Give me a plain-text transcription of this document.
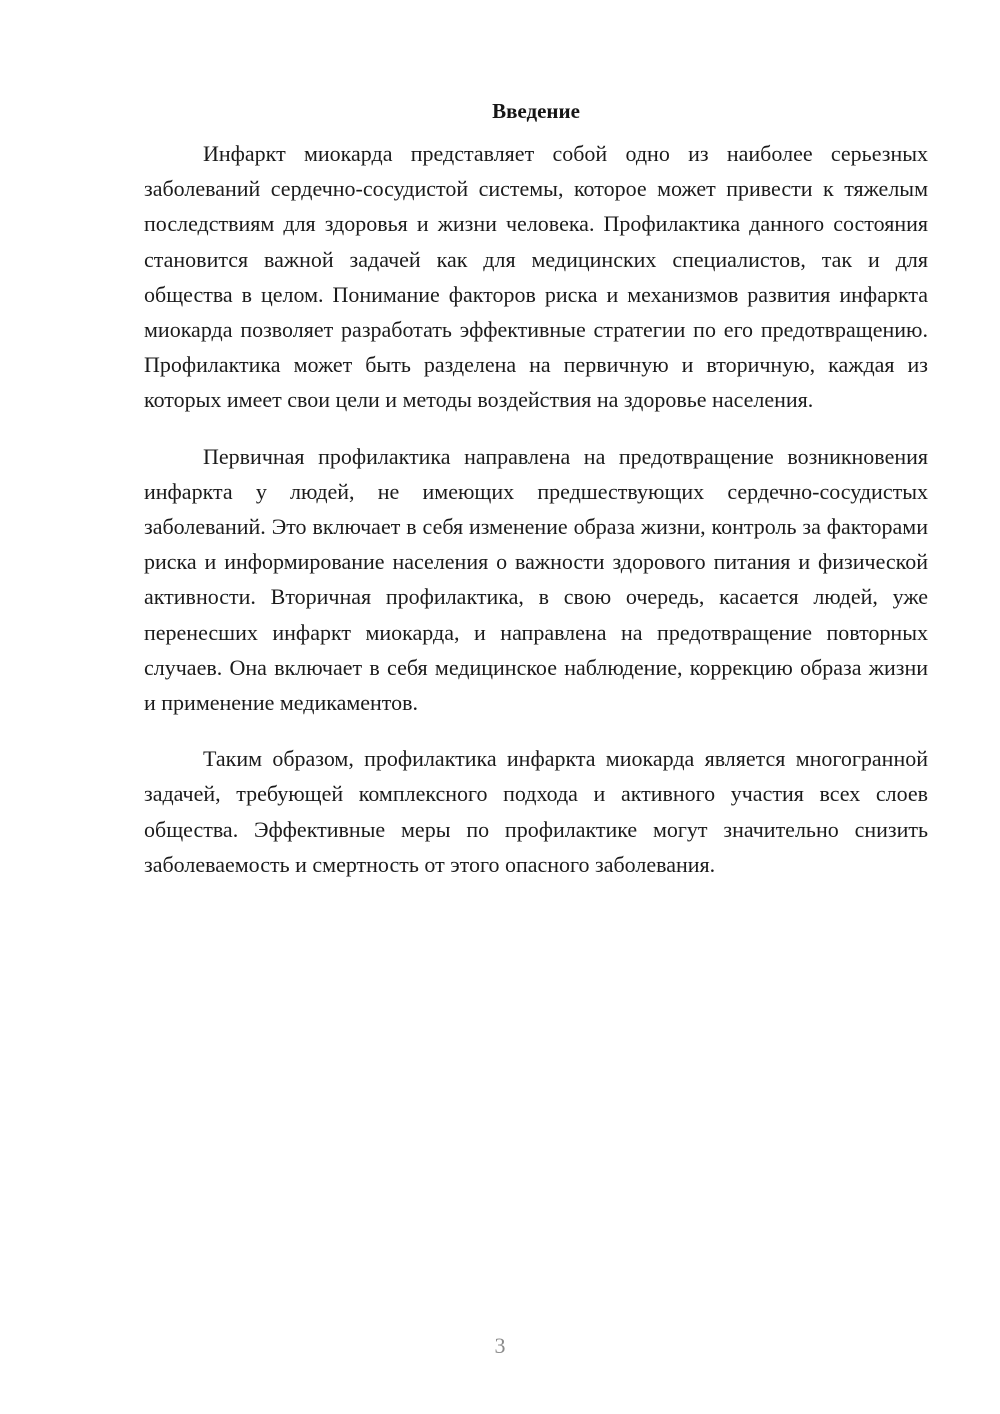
Введение

Инфаркт миокарда представляет собой одно из наиболее серьезных заболеваний сердечно-сосудистой системы, которое может привести к тяжелым последствиям для здоровья и жизни человека. Профилактика данного состояния становится важной задачей как для медицинских специалистов, так и для общества в целом. Понимание факторов риска и механизмов развития инфаркта миокарда позволяет разработать эффективные стратегии по его предотвращению. Профилактика может быть разделена на первичную и вторичную, каждая из которых имеет свои цели и методы воздействия на здоровье населения.

Первичная профилактика направлена на предотвращение возникновения инфаркта у людей, не имеющих предшествующих сердечно-сосудистых заболеваний. Это включает в себя изменение образа жизни, контроль за факторами риска и информирование населения о важности здорового питания и физической активности. Вторичная профилактика, в свою очередь, касается людей, уже перенесших инфаркт миокарда, и направлена на предотвращение повторных случаев. Она включает в себя медицинское наблюдение, коррекцию образа жизни и применение медикаментов.

Таким образом, профилактика инфаркта миокарда является многогранной задачей, требующей комплексного подхода и активного участия всех слоев общества. Эффективные меры по профилактике могут значительно снизить заболеваемость и смертность от этого опасного заболевания.

3
